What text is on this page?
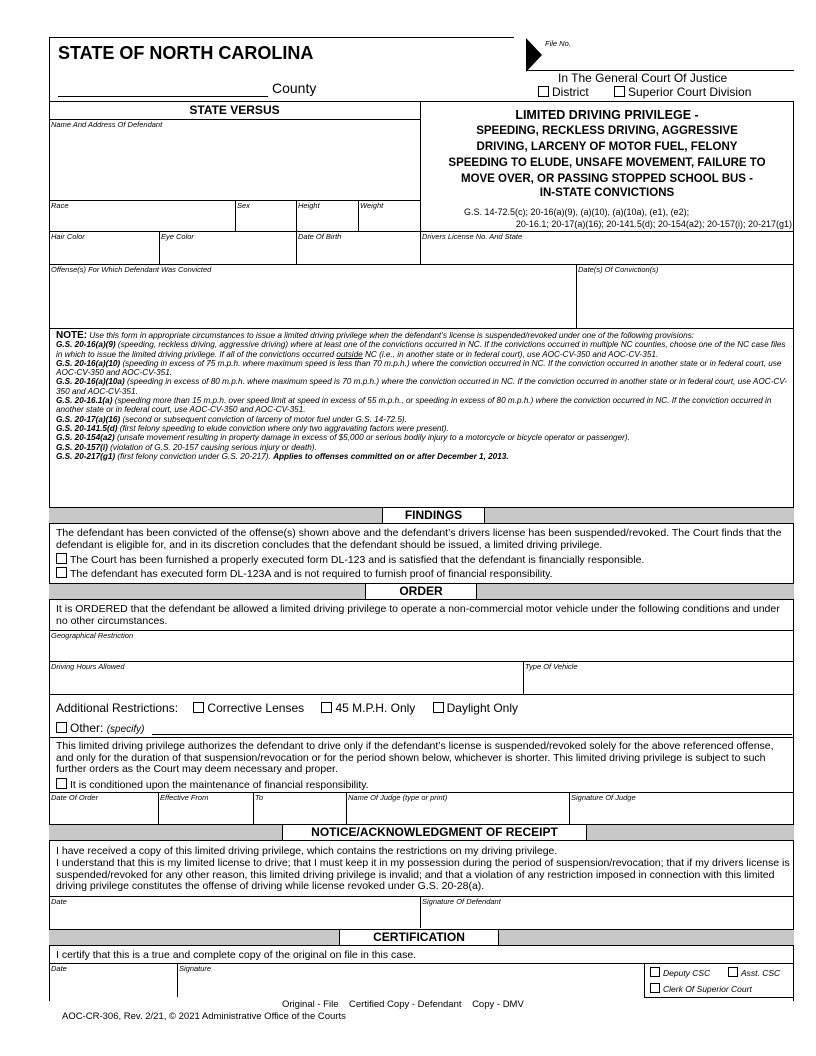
STATE OF NORTH CAROLINA
County
File No.
In The General Court Of Justice
District	Superior Court Division
STATE VERSUS
Name And Address Of Defendant
Race	Sex	Height	Weight
Hair Color	Eye Color	Date Of Birth	Drivers License No. And State
LIMITED DRIVING PRIVILEGE -
SPEEDING, RECKLESS DRIVING, AGGRESSIVE
DRIVING, LARCENY OF MOTOR FUEL, FELONY
SPEEDING TO ELUDE, UNSAFE MOVEMENT, FAILURE TO
MOVE OVER, OR PASSING STOPPED SCHOOL BUS -
IN-STATE CONVICTIONS
G.S. 14-72.5(c); 20-16(a)(9), (a)(10), (a)(10a), (e1), (e2);
20-16.1; 20-17(a)(16); 20-141.5(d); 20-154(a2); 20-157(i); 20-217(g1)
Offense(s) For Which Defendant Was Convicted	Date(s) Of Conviction(s)
NOTE: Use this form in appropriate circumstances to issue a limited driving privilege when the defendant’s license is suspended/revoked under one of the following provisions:
G.S. 20-16(a)(9) (speeding, reckless driving, aggressive driving) where at least one of the convictions occurred in NC. If the convictions occurred in multiple NC counties, choose one of the NC case files in which to issue the limited driving privilege. If all of the convictions occurred outside NC (i.e., in another state or in federal court), use AOC-CV-350 and AOC-CV-351.
G.S. 20-16(a)(10) (speeding in excess of 75 m.p.h. where maximum speed is less than 70 m.p.h.) where the conviction occurred in NC. If the conviction occurred in another state or in federal court, use AOC-CV-350 and AOC-CV-351.
G.S. 20-16(a)(10a) (speeding in excess of 80 m.p.h. where maximum speed is 70 m.p.h.) where the conviction occurred in NC. If the conviction occurred in another state or in federal court, use AOC-CV-350 and AOC-CV-351.
G.S. 20-16.1(a) (speeding more than 15 m.p.h. over speed limit at speed in excess of 55 m.p.h., or speeding in excess of 80 m.p.h.) where the conviction occurred in NC. If the conviction occurred in another state or in federal court, use AOC-CV-350 and AOC-CV-351.
G.S. 20-17(a)(16) (second or subsequent conviction of larceny of motor fuel under G.S. 14-72.5).
G.S. 20-141.5(d) (first felony speeding to elude conviction where only two aggravating factors were present).
G.S. 20-154(a2) (unsafe movement resulting in property damage in excess of $5,000 or serious bodily injury to a motorcycle or bicycle operator or passenger).
G.S. 20-157(i) (violation of G.S. 20-157 causing serious injury or death).
G.S. 20-217(g1) (first felony conviction under G.S. 20-217). Applies to offenses committed on or after December 1, 2013.
FINDINGS
The defendant has been convicted of the offense(s) shown above and the defendant’s drivers license has been suspended/revoked. The Court finds that the defendant is eligible for, and in its discretion concludes that the defendant should be issued, a limited driving privilege.
The Court has been furnished a properly executed form DL-123 and is satisfied that the defendant is financially responsible.
The defendant has executed form DL-123A and is not required to furnish proof of financial responsibility.
ORDER
It is ORDERED that the defendant be allowed a limited driving privilege to operate a non-commercial motor vehicle under the following conditions and under no other circumstances.
Geographical Restriction
Driving Hours Allowed	Type Of Vehicle
Additional Restrictions: Corrective Lenses	45 M.P.H. Only	Daylight Only
Other: (specify)
This limited driving privilege authorizes the defendant to drive only if the defendant’s license is suspended/revoked solely for the above referenced offense, and only for the duration of that suspension/revocation or for the period shown below, whichever is shorter. This limited driving privilege is subject to such further orders as the Court may deem necessary and proper.
It is conditioned upon the maintenance of financial responsibility.
Date Of Order	Effective From	To	Name Of Judge (type or print)	Signature Of Judge
NOTICE/ACKNOWLEDGMENT OF RECEIPT
I have received a copy of this limited driving privilege, which contains the restrictions on my driving privilege.
I understand that this is my limited license to drive; that I must keep it in my possession during the period of suspension/revocation; that if my drivers license is suspended/revoked for any other reason, this limited driving privilege is invalid; and that a violation of any restriction imposed in connection with this limited driving privilege constitutes the offense of driving while license revoked under G.S. 20-28(a).
Date	Signature Of Defendant
CERTIFICATION
I certify that this is a true and complete copy of the original on file in this case.
Date	Signature	Deputy CSC	Asst. CSC
Clerk Of Superior Court
Original - File    Certified Copy - Defendant    Copy - DMV
AOC-CR-306, Rev. 2/21, © 2021 Administrative Office of the Courts
